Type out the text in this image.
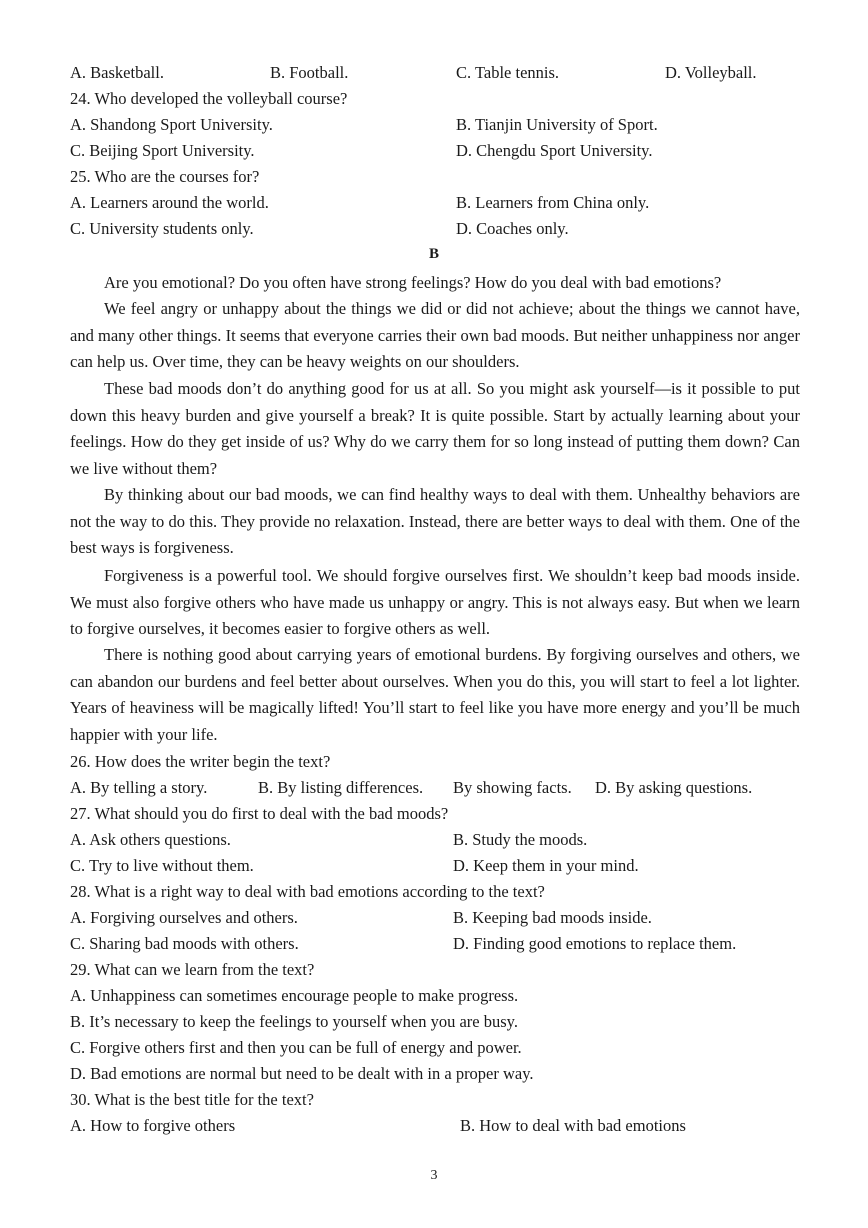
A. Basketball.	B. Football.	C. Table tennis.	D. Volleyball.
24. Who developed the volleyball course?
A. Shandong Sport University.	B. Tianjin University of Sport.
C. Beijing Sport University.	D. Chengdu Sport University.
25. Who are the courses for?
A. Learners around the world.	B. Learners from China only.
C. University students only.	D. Coaches only.
B

Are you emotional? Do you often have strong feelings? How do you deal with bad emotions?

We feel angry or unhappy about the things we did or did not achieve; about the things we cannot have, and many other things. It seems that everyone carries their own bad moods. But neither unhappiness nor anger can help us. Over time, they can be heavy weights on our shoulders.

These bad moods don’t do anything good for us at all. So you might ask yourself—is it possible to put down this heavy burden and give yourself a break? It is quite possible. Start by actually learning about your feelings. How do they get inside of us? Why do we carry them for so long instead of putting them down? Can we live without them?

By thinking about our bad moods, we can find healthy ways to deal with them. Unhealthy behaviors are not the way to do this. They provide no relaxation. Instead, there are better ways to deal with them. One of the best ways is forgiveness.

Forgiveness is a powerful tool. We should forgive ourselves first. We shouldn’t keep bad moods inside. We must also forgive others who have made us unhappy or angry. This is not always easy. But when we learn to forgive ourselves, it becomes easier to forgive others as well.

There is nothing good about carrying years of emotional burdens. By forgiving ourselves and others, we can abandon our burdens and feel better about ourselves. When you do this, you will start to feel a lot lighter. Years of heaviness will be magically lifted! You’ll start to feel like you have more energy and you’ll be much happier with your life.

26. How does the writer begin the text?
A. By telling a story.	B. By listing differences. By showing facts. D. By asking questions.
27. What should you do first to deal with the bad moods?
A. Ask others questions.	B. Study the moods.
C. Try to live without them.	D. Keep them in your mind.
28. What is a right way to deal with bad emotions according to the text?
A. Forgiving ourselves and others.	B. Keeping bad moods inside.
C. Sharing bad moods with others.	D. Finding good emotions to replace them.
29. What can we learn from the text?
A. Unhappiness can sometimes encourage people to make progress.
B. It’s necessary to keep the feelings to yourself when you are busy.
C. Forgive others first and then you can be full of energy and power.
D. Bad emotions are normal but need to be dealt with in a proper way.
30. What is the best title for the text?
A. How to forgive others	B. How to deal with bad emotions
3
